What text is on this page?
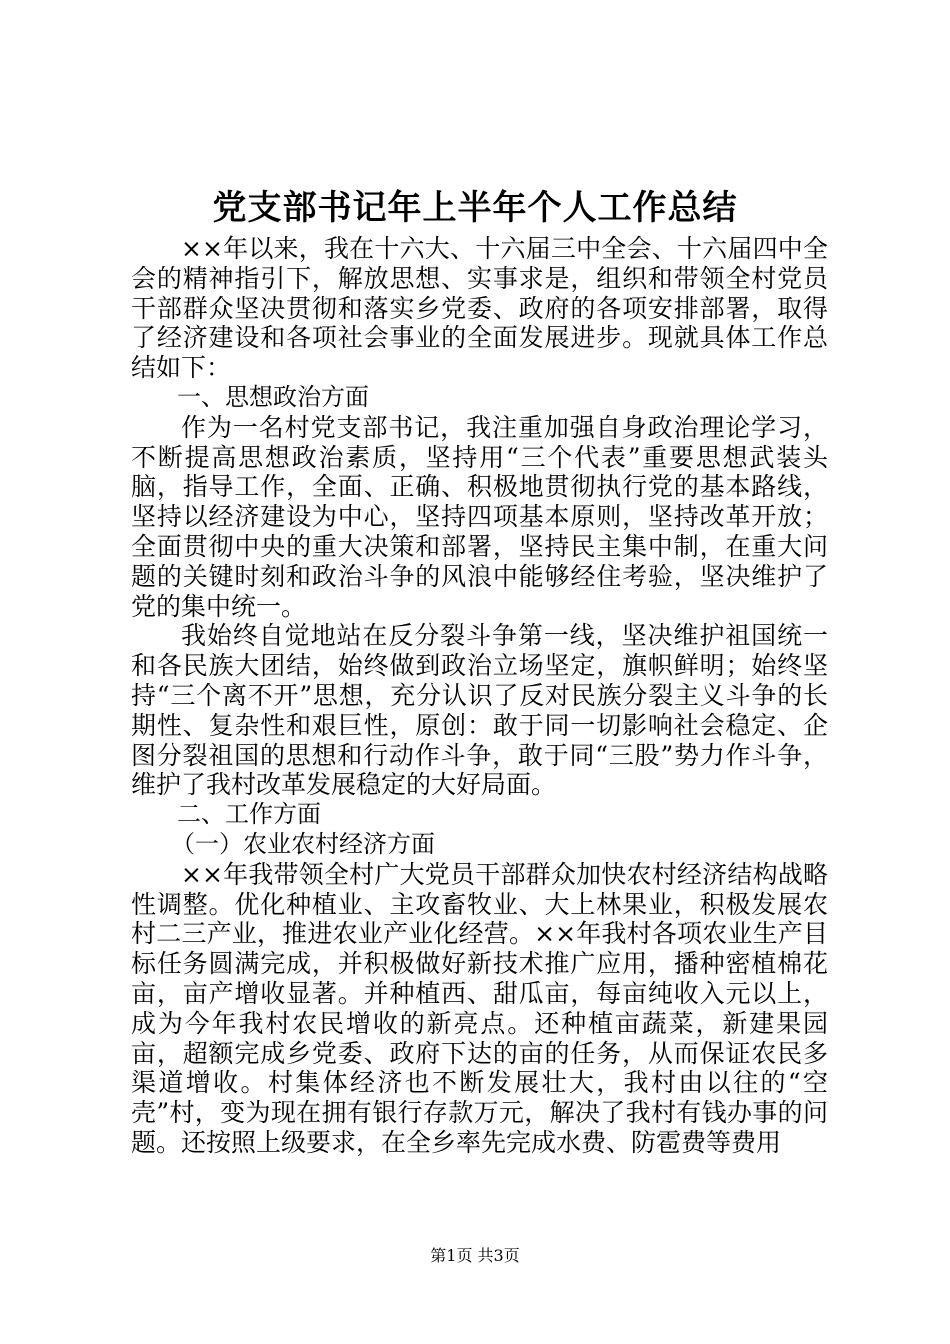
党支部书记年上半年个人工作总结

××年以来，我在十六大、十六届三中全会、十六届四中全会的精神指引下，解放思想、实事求是，组织和带领全村党员干部群众坚决贯彻和落实乡党委、政府的各项安排部署，取得了经济建设和各项社会事业的全面发展进步。现就具体工作总结如下：

一、思想政治方面

作为一名村党支部书记，我注重加强自身政治理论学习，不断提高思想政治素质，坚持用“三个代表”重要思想武装头脑，指导工作，全面、正确、积极地贯彻执行党的基本路线，坚持以经济建设为中心，坚持四项基本原则，坚持改革开放；全面贯彻中央的重大决策和部署，坚持民主集中制，在重大问题的关键时刻和政治斗争的风浪中能够经住考验，坚决维护了党的集中统一。

我始终自觉地站在反分裂斗争第一线，坚决维护祖国统一和各民族大团结，始终做到政治立场坚定，旗帜鲜明；始终坚持“三个离不开”思想，充分认识了反对民族分裂主义斗争的长期性、复杂性和艰巨性，原创：敢于同一切影响社会稳定、企图分裂祖国的思想和行动作斗争，敢于同“三股”势力作斗争，维护了我村改革发展稳定的大好局面。

二、工作方面
（一）农业农村经济方面

××年我带领全村广大党员干部群众加快农村经济结构战略性调整。优化种植业、主攻畜牧业、大上林果业，积极发展农村二三产业，推进农业产业化经营。××年我村各项农业生产目标任务圆满完成，并积极做好新技术推广应用，播种密植棉花亩，亩产增收显著。并种植西、甜瓜亩，每亩纯收入元以上，成为今年我村农民增收的新亮点。还种植亩蔬菜，新建果园亩，超额完成乡党委、政府下达的亩的任务，从而保证农民多渠道增收。村集体经济也不断发展壮大，我村由以往的“空壳”村，变为现在拥有银行存款万元，解决了我村有钱办事的问题。还按照上级要求，在全乡率先完成水费、防雹费等费用

第1页 共3页
